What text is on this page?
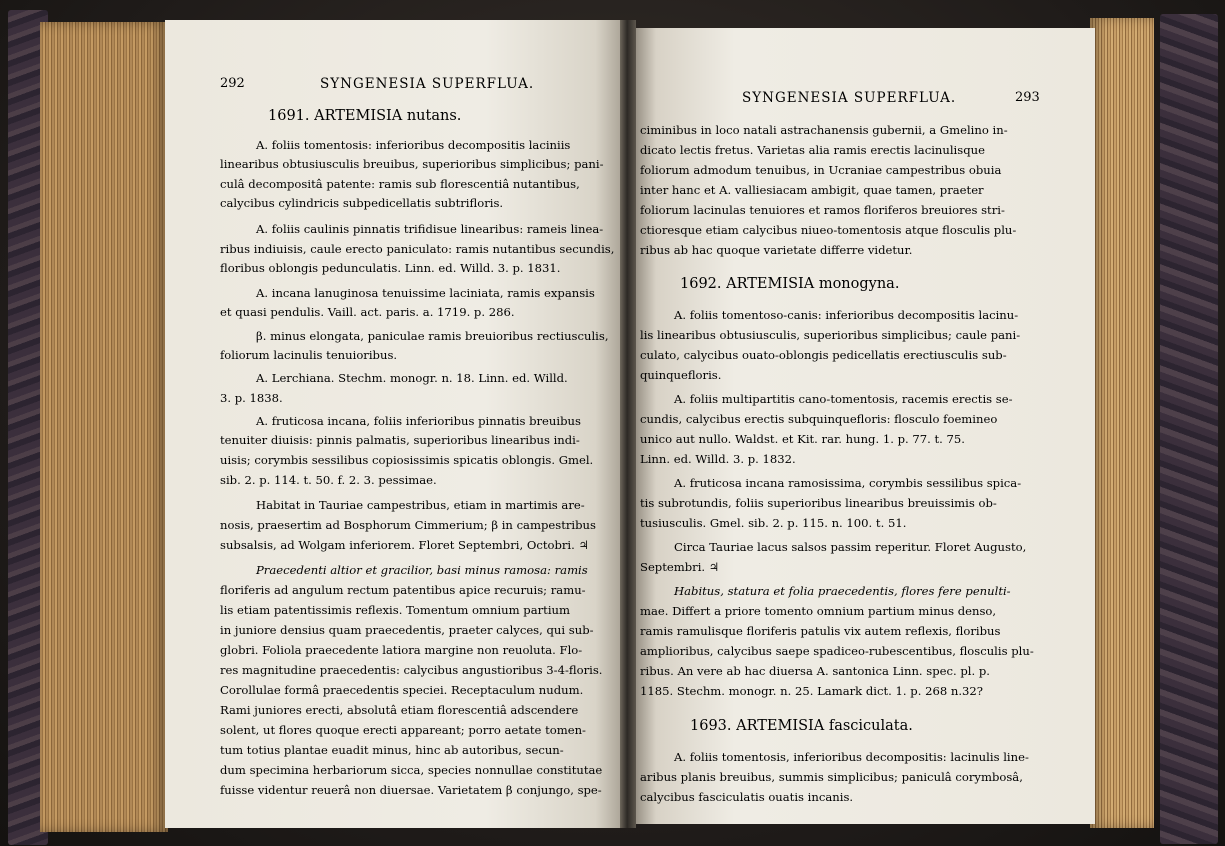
292	SYNGENESIA SUPERFLUA.
1691. ARTEMISIA nutans.
A. foliis tomentosis: inferioribus decompositis laciniis
linearibus obtusiusculis breuibus, superioribus simplicibus; pani-
culâ decompositâ patente: ramis sub florescentiâ nutantibus,
calycibus cylindricis subpedicellatis subtrifloris.
A. foliis caulinis pinnatis trifidisue linearibus: rameis linea-
ribus indiuisis, caule erecto paniculato: ramis nutantibus secundis,
floribus oblongis pedunculatis. Linn. ed. Willd. 3. p. 1831.
A. incana lanuginosa tenuissime laciniata, ramis expansis
et quasi pendulis. Vaill. act. paris. a. 1719. p. 286.
β. minus elongata, paniculae ramis breuioribus rectiusculis,
foliorum lacinulis tenuioribus.
A. Lerchiana. Stechm. monogr. n. 18. Linn. ed. Willd.
3. p. 1838.
A. fruticosa incana, foliis inferioribus pinnatis breuibus
tenuiter diuisis: pinnis palmatis, superioribus linearibus indi-
uisis; corymbis sessilibus copiosissimis spicatis oblongis. Gmel.
sib. 2. p. 114. t. 50. f. 2. 3. pessimae.
Habitat in Tauriae campestribus, etiam in martimis are-
nosis, praesertim ad Bosphorum Cimmerium; β in campestribus
subsalsis, ad Wolgam inferiorem. Floret Septembri, Octobri. ♃
Praecedenti altior et gracilior, basi minus ramosa: ramis
floriferis ad angulum rectum patentibus apice recuruis; ramu-
lis etiam patentissimis reflexis. Tomentum omnium partium
in juniore densius quam praecedentis, praeter calyces, qui sub-
globri. Foliola praecedente latiora margine non reuoluta. Flo-
res magnitudine praecedentis: calycibus angustioribus 3-4-floris.
Corollulae formâ praecedentis speciei. Receptaculum nudum.
Rami juniores erecti, absolutâ etiam florescentiâ adscendere
solent, ut flores quoque erecti appareant; porro aetate tomen-
tum totius plantae euadit minus, hinc ab autoribus, secun-
dum specimina herbariorum sicca, species nonnullae constitutae
fuisse videntur reuerâ non diuersae. Varietatem β conjungo, spe-
SYNGENESIA SUPERFLUA.	293
ciminibus in loco natali astrachanensis gubernii, a Gmelino in-
dicato lectis fretus. Varietas alia ramis erectis lacinulisque
foliorum admodum tenuibus, in Ucraniae campestribus obuia
inter hanc et A. valliesiacam ambigit, quae tamen, praeter
foliorum lacinulas tenuiores et ramos floriferos breuiores stri-
ctioresque etiam calycibus niueo-tomentosis atque flosculis plu-
ribus ab hac quoque varietate differre videtur.
1692. ARTEMISIA monogyna.
A. foliis tomentoso-canis: inferioribus decompositis lacinu-
lis linearibus obtusiusculis, superioribus simplicibus; caule pani-
culato, calycibus ouato-oblongis pedicellatis erectiusculis sub-
quinquefloris.
A. foliis multipartitis cano-tomentosis, racemis erectis se-
cundis, calycibus erectis subquinquefloris: flosculo foemineo
unico aut nullo. Waldst. et Kit. rar. hung. 1. p. 77. t. 75.
Linn. ed. Willd. 3. p. 1832.
A. fruticosa incana ramosissima, corymbis sessilibus spica-
tis subrotundis, foliis superioribus linearibus breuissimis ob-
tusiusculis. Gmel. sib. 2. p. 115. n. 100. t. 51.
Circa Tauriae lacus salsos passim reperitur. Floret Augusto,
Septembri. ♃
Habitus, statura et folia praecedentis, flores fere penulti-
mae. Differt a priore tomento omnium partium minus denso,
ramis ramulisque floriferis patulis vix autem reflexis, floribus
amplioribus, calycibus saepe spadiceo-rubescentibus, flosculis plu-
ribus. An vere ab hac diuersa A. santonica Linn. spec. pl. p.
1185. Stechm. monogr. n. 25. Lamark dict. 1. p. 268 n.32?
1693. ARTEMISIA fasciculata.
A. foliis tomentosis, inferioribus decompositis: lacinulis line-
aribus planis breuibus, summis simplicibus; paniculâ corymbosâ,
calycibus fasciculatis ouatis incanis.
